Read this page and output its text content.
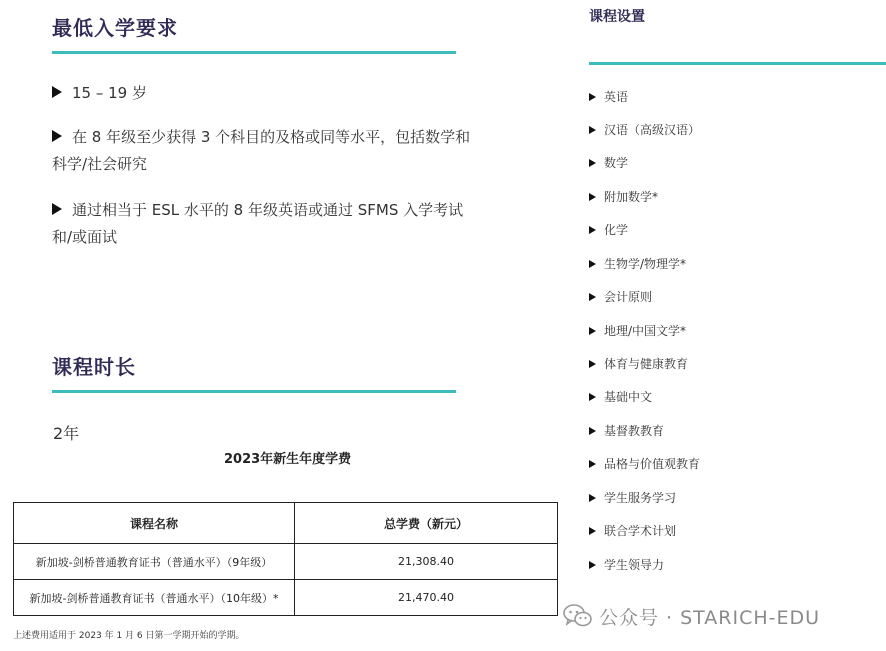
最低入学要求
15 – 19 岁
在 8 年级至少获得 3 个科目的及格或同等水平，包括数学和科学/社会研究
通过相当于 ESL 水平的 8 年级英语或通过 SFMS 入学考试和/或面试
课程时长
2年
2023年新生年度学费
课程名称	总学费（新元）
新加坡-剑桥普通教育证书（普通水平）（9年级）	21,308.40
新加坡-剑桥普通教育证书（普通水平）（10年级）*	21,470.40
上述费用适用于 2023 年 1 月 6 日第一学期开始的学期。
课程设置
英语
汉语（高级汉语）
数学
附加数学*
化学
生物学/物理学*
会计原则
地理/中国文学*
体育与健康教育
基础中文
基督教教育
品格与价值观教育
学生服务学习
联合学术计划
学生领导力
公众号 · STARICH-EDU
